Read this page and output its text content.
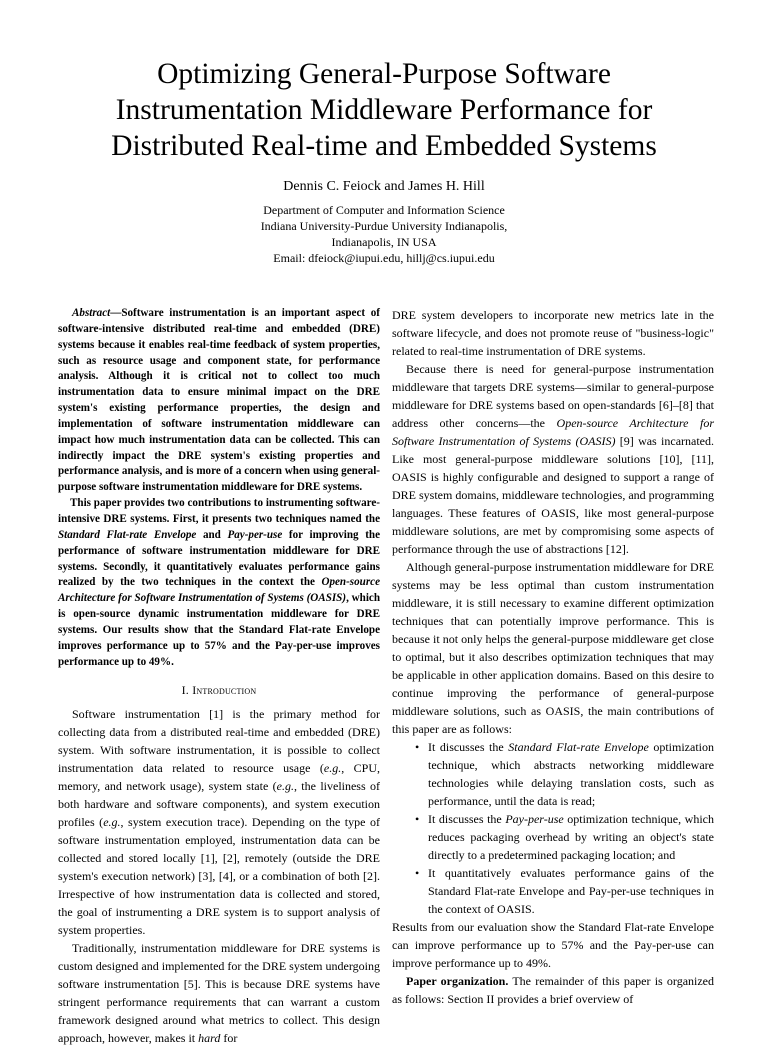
Optimizing General-Purpose Software
Instrumentation Middleware Performance for
Distributed Real-time and Embedded Systems
Dennis C. Feiock and James H. Hill
Department of Computer and Information Science
Indiana University-Purdue University Indianapolis,
Indianapolis, IN USA
Email: dfeiock@iupui.edu, hillj@cs.iupui.edu

Abstract—Software instrumentation is an important aspect of software-intensive distributed real-time and embedded (DRE) systems because it enables real-time feedback of system properties, such as resource usage and component state, for performance analysis. Although it is critical not to collect too much instrumentation data to ensure minimal impact on the DRE system's existing performance properties, the design and implementation of software instrumentation middleware can impact how much instrumentation data can be collected. This can indirectly impact the DRE system's existing properties and performance analysis, and is more of a concern when using general-purpose software instrumentation middleware for DRE systems.

This paper provides two contributions to instrumenting software-intensive DRE systems. First, it presents two techniques named the Standard Flat-rate Envelope and Pay-per-use for improving the performance of software instrumentation middleware for DRE systems. Secondly, it quantitatively evaluates performance gains realized by the two techniques in the context the Open-source Architecture for Software Instrumentation of Systems (OASIS), which is open-source dynamic instrumentation middleware for DRE systems. Our results show that the Standard Flat-rate Envelope improves performance up to 57% and the Pay-per-use improves performance up to 49%.

I. Introduction

Software instrumentation [1] is the primary method for collecting data from a distributed real-time and embedded (DRE) system. With software instrumentation, it is possible to collect instrumentation data related to resource usage (e.g., CPU, memory, and network usage), system state (e.g., the liveliness of both hardware and software components), and system execution profiles (e.g., system execution trace). Depending on the type of software instrumentation employed, instrumentation data can be collected and stored locally [1], [2], remotely (outside the DRE system's execution network) [3], [4], or a combination of both [2]. Irrespective of how instrumentation data is collected and stored, the goal of instrumenting a DRE system is to support analysis of system properties.

Traditionally, instrumentation middleware for DRE systems is custom designed and implemented for the DRE system undergoing software instrumentation [5]. This is because DRE systems have stringent performance requirements that can warrant a custom framework designed around what metrics to collect. This design approach, however, makes it hard for

DRE system developers to incorporate new metrics late in the software lifecycle, and does not promote reuse of "business-logic" related to real-time instrumentation of DRE systems.

Because there is need for general-purpose instrumentation middleware that targets DRE systems—similar to general-purpose middleware for DRE systems based on open-standards [6]–[8] that address other concerns—the Open-source Architecture for Software Instrumentation of Systems (OASIS) [9] was incarnated. Like most general-purpose middleware solutions [10], [11], OASIS is highly configurable and designed to support a range of DRE system domains, middleware technologies, and programming languages. These features of OASIS, like most general-purpose middleware solutions, are met by compromising some aspects of performance through the use of abstractions [12].

Although general-purpose instrumentation middleware for DRE systems may be less optimal than custom instrumentation middleware, it is still necessary to examine different optimization techniques that can potentially improve performance. This is because it not only helps the general-purpose middleware get close to optimal, but it also describes optimization techniques that may be applicable in other application domains. Based on this desire to continue improving the performance of general-purpose middleware solutions, such as OASIS, the main contributions of this paper are as follows:

• It discusses the Standard Flat-rate Envelope optimization technique, which abstracts networking middleware technologies while delaying translation costs, such as performance, until the data is read;
• It discusses the Pay-per-use optimization technique, which reduces packaging overhead by writing an object's state directly to a predetermined packaging location; and
• It quantitatively evaluates performance gains of the Standard Flat-rate Envelope and Pay-per-use techniques in the context of OASIS.

Results from our evaluation show the Standard Flat-rate Envelope can improve performance up to 57% and the Pay-per-use can improve performance up to 49%.

Paper organization. The remainder of this paper is organized as follows: Section II provides a brief overview of
